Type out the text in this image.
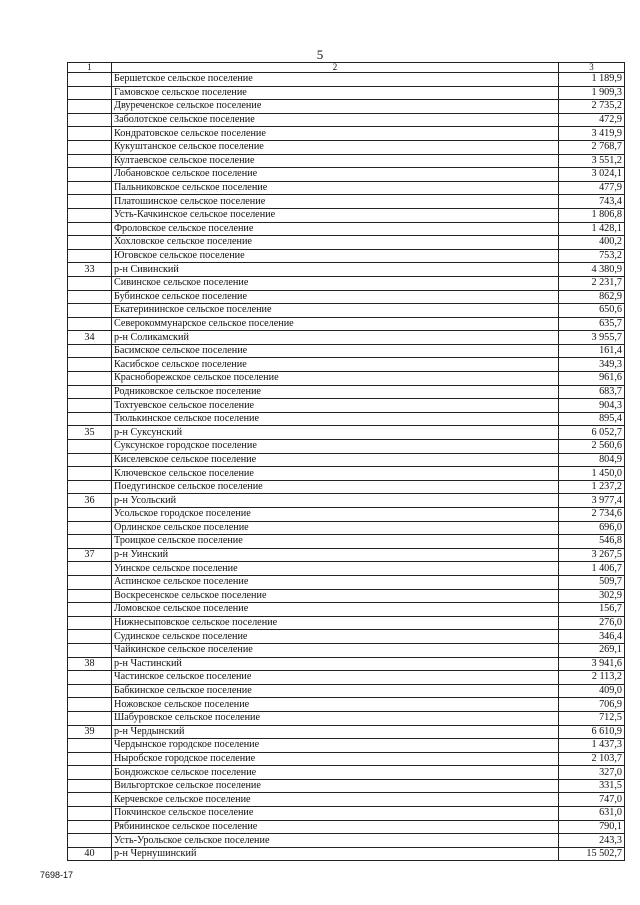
5
1	2	3
	Бершетское сельское поселение	1 189,9
	Гамовское сельское поселение	1 909,3
	Двуреченское сельское поселение	2 735,2
	Заболотское сельское поселение	472,9
	Кондратовское сельское поселение	3 419,9
	Кукуштанское сельское поселение	2 768,7
	Култаевское сельское поселение	3 551,2
	Лобановское сельское поселение	3 024,1
	Пальниковское сельское поселение	477,9
	Платошинское сельское поселение	743,4
	Усть-Качкинское сельское поселение	1 806,8
	Фроловское сельское поселение	1 428,1
	Хохловское сельское поселение	400,2
	Юговское сельское поселение	753,2
33	р-н Сивинский	4 380,9
	Сивинское сельское поселение	2 231,7
	Бубинское сельское поселение	862,9
	Екатерининское сельское поселение	650,6
	Северокоммунарское сельское поселение	635,7
34	р-н Соликамский	3 955,7
	Басимское сельское поселение	161,4
	Касибское сельское поселение	349,3
	Красноборежское сельское поселение	961,6
	Родниковское сельское поселение	683,7
	Тохтуевское сельское поселение	904,3
	Тюлькинское сельское поселение	895,4
35	р-н Суксунский	6 052,7
	Суксунское городское поселение	2 560,6
	Киселевское сельское поселение	804,9
	Ключевское сельское поселение	1 450,0
	Поедугинское сельское поселение	1 237,2
36	р-н Усольский	3 977,4
	Усольское городское поселение	2 734,6
	Орлинское сельское поселение	696,0
	Троицкое сельское поселение	546,8
37	р-н Уинский	3 267,5
	Уинское сельское поселение	1 406,7
	Аспинское сельское поселение	509,7
	Воскресенское сельское поселение	302,9
	Ломовское сельское поселение	156,7
	Нижнесыповское сельское поселение	276,0
	Судинское сельское поселение	346,4
	Чайкинское сельское поселение	269,1
38	р-н Частинский	3 941,6
	Частинское сельское поселение	2 113,2
	Бабкинское сельское поселение	409,0
	Ножовское сельское поселение	706,9
	Шабуровское сельское поселение	712,5
39	р-н Чердынский	6 610,9
	Чердынское городское поселение	1 437,3
	Ныробское городское поселение	2 103,7
	Бондюжское сельское поселение	327,0
	Вильгортское сельское поселение	331,5
	Керчевское сельское поселение	747,0
	Покчинское сельское поселение	631,0
	Рябининское сельское поселение	790,1
	Усть-Урольское сельское поселение	243,3
40	р-н Чернушинский	15 502,7
7698-17
